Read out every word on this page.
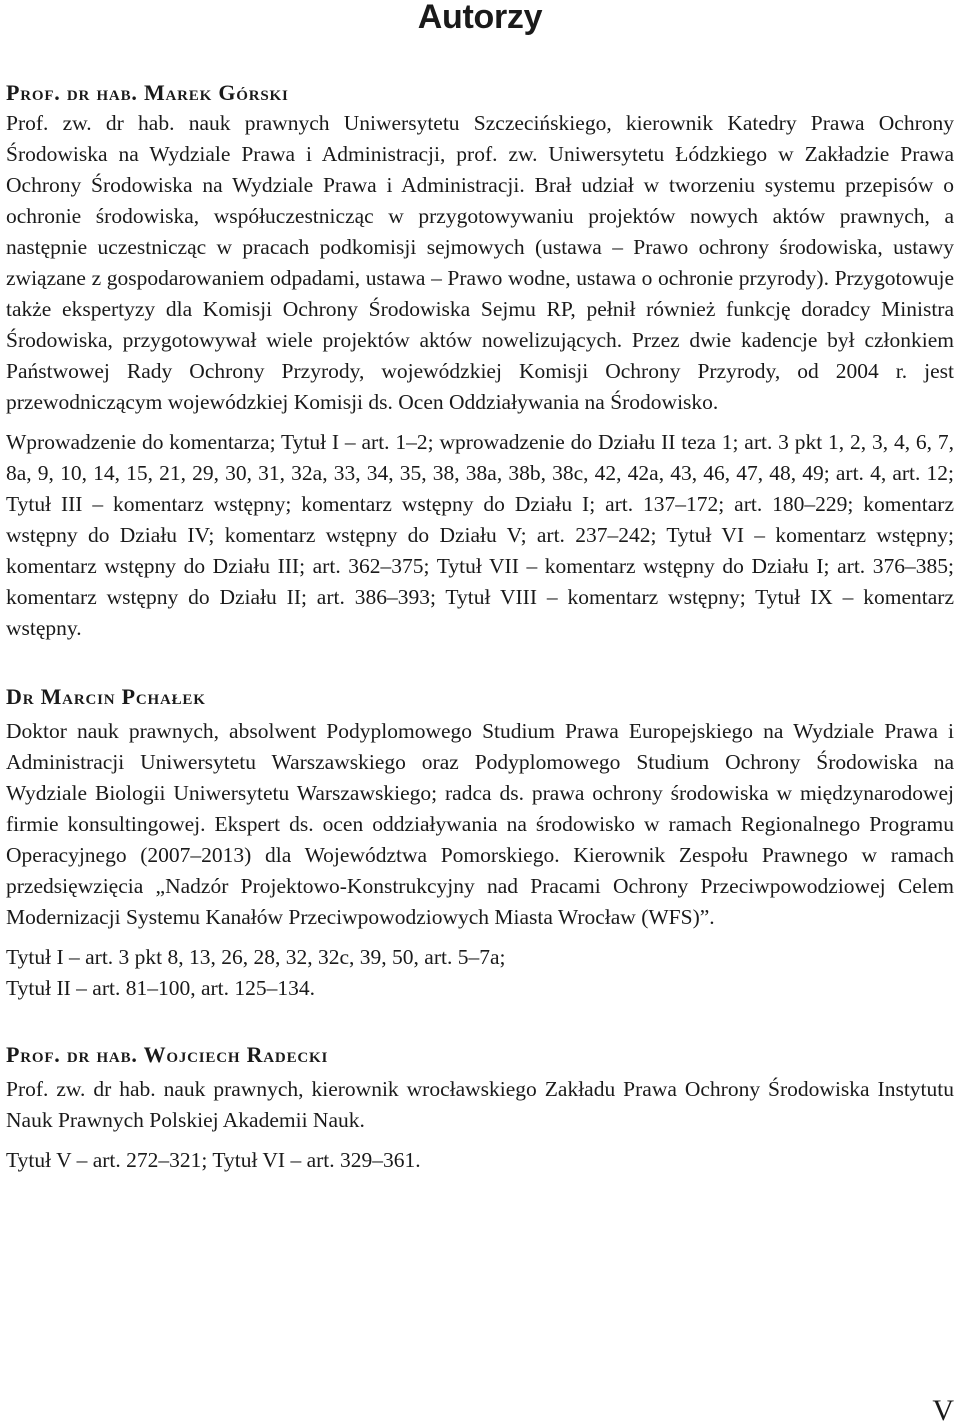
Autorzy
Prof. dr hab. Marek Górski

Prof. zw. dr hab. nauk prawnych Uniwersytetu Szczecińskiego, kierownik Katedry Prawa Ochrony Środowiska na Wydziale Prawa i Administracji, prof. zw. Uniwersytetu Łódzkiego w Zakładzie Prawa Ochrony Środowiska na Wydziale Prawa i Administracji. Brał udział w tworzeniu systemu przepisów o ochronie środowiska, współuczestnicząc w przygotowywaniu projektów nowych aktów prawnych, a następnie uczestnicząc w pracach podkomisji sejmowych (ustawa – Prawo ochrony środowiska, ustawy związane z gospodarowaniem odpadami, ustawa – Prawo wodne, ustawa o ochronie przyrody). Przygotowuje także ekspertyzy dla Komisji Ochrony Środowiska Sejmu RP, pełnił również funkcję doradcy Ministra Środowiska, przygotowywał wiele projektów aktów nowelizujących. Przez dwie kadencje był członkiem Państwowej Rady Ochrony Przyrody, wojewódzkiej Komisji Ochrony Przyrody, od 2004 r. jest przewodniczącym wojewódzkiej Komisji ds. Ocen Oddziaływania na Środowisko.

Wprowadzenie do komentarza; Tytuł I – art. 1–2; wprowadzenie do Działu II teza 1; art. 3 pkt 1, 2, 3, 4, 6, 7, 8a, 9, 10, 14, 15, 21, 29, 30, 31, 32a, 33, 34, 35, 38, 38a, 38b, 38c, 42, 42a, 43, 46, 47, 48, 49; art. 4, art. 12; Tytuł III – komentarz wstępny; komentarz wstępny do Działu I; art. 137–172; art. 180–229; komentarz wstępny do Działu IV; komentarz wstępny do Działu V; art. 237–242; Tytuł VI – komentarz wstępny; komentarz wstępny do Działu III; art. 362–375; Tytuł VII – komentarz wstępny do Działu I; art. 376–385; komentarz wstępny do Działu II; art. 386–393; Tytuł VIII – komentarz wstępny; Tytuł IX – komentarz wstępny.

Dr Marcin Pchałek

Doktor nauk prawnych, absolwent Podyplomowego Studium Prawa Europejskiego na Wydziale Prawa i Administracji Uniwersytetu Warszawskiego oraz Podyplomowego Studium Ochrony Środowiska na Wydziale Biologii Uniwersytetu Warszawskiego; radca ds. prawa ochrony środowiska w międzynarodowej firmie konsultingowej. Ekspert ds. ocen oddziaływania na środowisko w ramach Regionalnego Programu Operacyjnego (2007–2013) dla Województwa Pomorskiego. Kierownik Zespołu Prawnego w ramach przedsięwzięcia „Nadzór Projektowo-Konstrukcyjny nad Pracami Ochrony Przeciwpowodziowej Celem Modernizacji Systemu Kanałów Przeciwpowodziowych Miasta Wrocław (WFS)”.

Tytuł I – art. 3 pkt 8, 13, 26, 28, 32, 32c, 39, 50, art. 5–7a;
Tytuł II – art. 81–100, art. 125–134.

Prof. dr hab. Wojciech Radecki

Prof. zw. dr hab. nauk prawnych, kierownik wrocławskiego Zakładu Prawa Ochrony Środowiska Instytutu Nauk Prawnych Polskiej Akademii Nauk.

Tytuł V – art. 272–321; Tytuł VI – art. 329–361.

V
